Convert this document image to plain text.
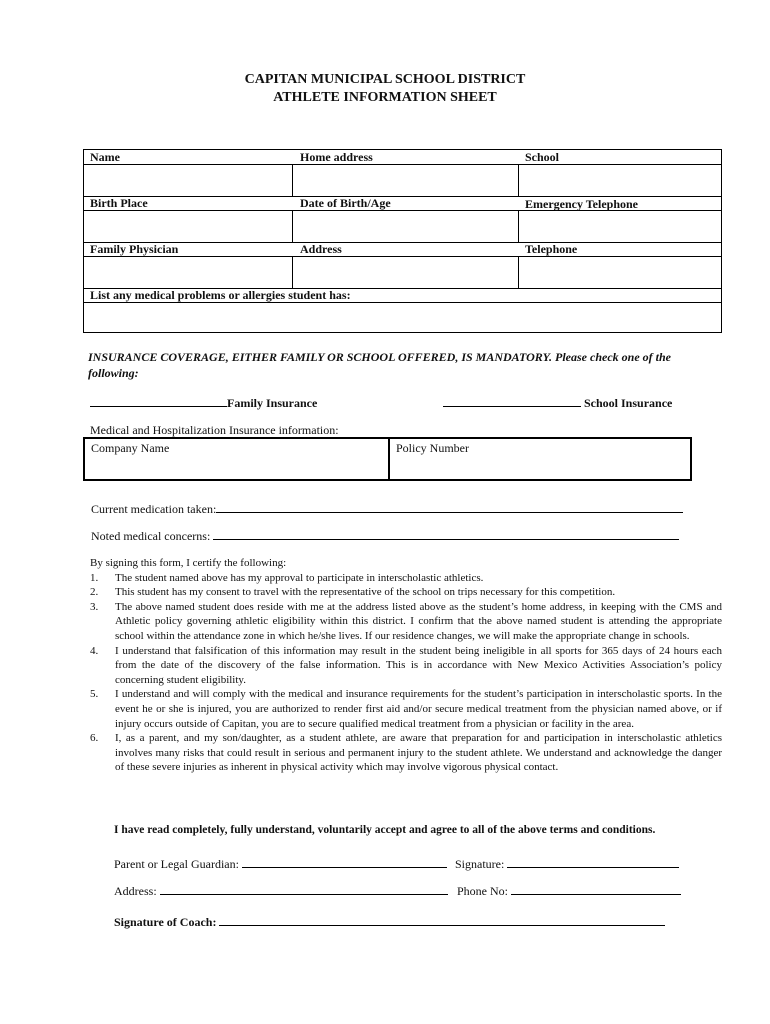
CAPITAN MUNICIPAL SCHOOL DISTRICT
ATHLETE INFORMATION SHEET
Name	Home address	School
Birth Place	Date of Birth/Age	Emergency Telephone
Family Physician	Address	Telephone
List any medical problems or allergies student has:
INSURANCE COVERAGE, EITHER FAMILY OR SCHOOL OFFERED, IS MANDATORY. Please check one of the following:
Family Insurance	School Insurance
Medical and Hospitalization Insurance information:
Company Name	Policy Number
Current medication taken:
Noted medical concerns:
By signing this form, I certify the following:
1. The student named above has my approval to participate in interscholastic athletics.
2. This student has my consent to travel with the representative of the school on trips necessary for this competition.
3. The above named student does reside with me at the address listed above as the student’s home address, in keeping with the CMS and Athletic policy governing athletic eligibility within this district. I confirm that the above named student is attending the appropriate school within the attendance zone in which he/she lives. If our residence changes, we will make the appropriate change in schools.
4. I understand that falsification of this information may result in the student being ineligible in all sports for 365 days of 24 hours each from the date of the discovery of the false information. This is in accordance with New Mexico Activities Association’s policy concerning student eligibility.
5. I understand and will comply with the medical and insurance requirements for the student’s participation in interscholastic sports. In the event he or she is injured, you are authorized to render first aid and/or secure medical treatment from the physician named above, or if injury occurs outside of Capitan, you are to secure qualified medical treatment from a physician or facility in the area.
6. I, as a parent, and my son/daughter, as a student athlete, are aware that preparation for and participation in interscholastic athletics involves many risks that could result in serious and permanent injury to the student athlete. We understand and acknowledge the danger of these severe injuries as inherent in physical activity which may involve vigorous physical contact.
I have read completely, fully understand, voluntarily accept and agree to all of the above terms and conditions.
Parent or Legal Guardian:	Signature:
Address:	Phone No:
Signature of Coach:
